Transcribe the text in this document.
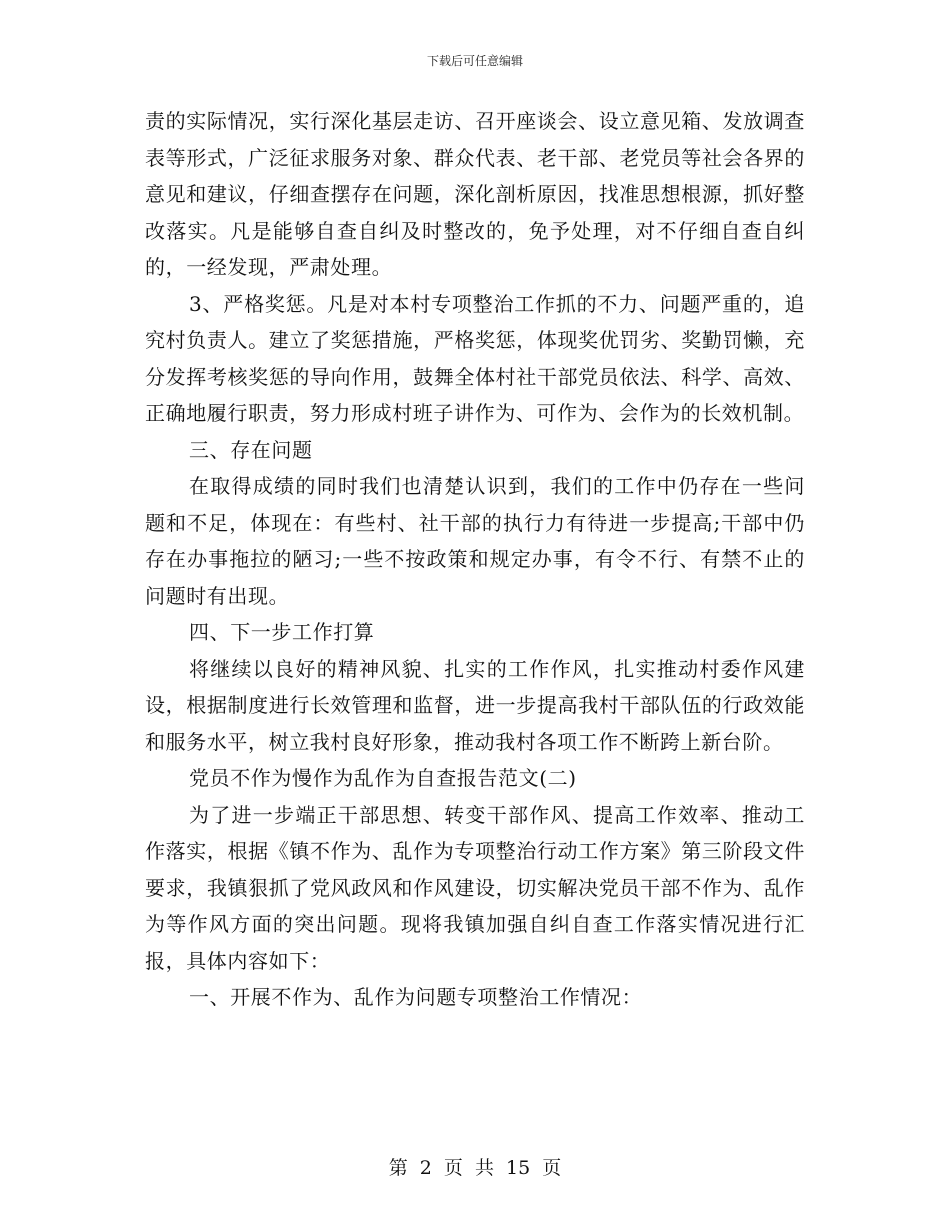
下载后可任意编辑

责的实际情况，实行深化基层走访、召开座谈会、设立意见箱、发放调查表等形式，广泛征求服务对象、群众代表、老干部、老党员等社会各界的意见和建议，仔细查摆存在问题，深化剖析原因，找准思想根源，抓好整改落实。凡是能够自查自纠及时整改的，免予处理，对不仔细自查自纠的，一经发现，严肃处理。

3、严格奖惩。凡是对本村专项整治工作抓的不力、问题严重的，追究村负责人。建立了奖惩措施，严格奖惩，体现奖优罚劣、奖勤罚懒，充分发挥考核奖惩的导向作用，鼓舞全体村社干部党员依法、科学、高效、正确地履行职责，努力形成村班子讲作为、可作为、会作为的长效机制。

三、存在问题

在取得成绩的同时我们也清楚认识到，我们的工作中仍存在一些问题和不足，体现在：有些村、社干部的执行力有待进一步提高;干部中仍存在办事拖拉的陋习;一些不按政策和规定办事，有令不行、有禁不止的问题时有出现。

四、下一步工作打算

将继续以良好的精神风貌、扎实的工作作风，扎实推动村委作风建设，根据制度进行长效管理和监督，进一步提高我村干部队伍的行政效能和服务水平，树立我村良好形象，推动我村各项工作不断跨上新台阶。

党员不作为慢作为乱作为自查报告范文(二)

为了进一步端正干部思想、转变干部作风、提高工作效率、推动工作落实，根据《镇不作为、乱作为专项整治行动工作方案》第三阶段文件要求，我镇狠抓了党风政风和作风建设，切实解决党员干部不作为、乱作为等作风方面的突出问题。现将我镇加强自纠自查工作落实情况进行汇报，具体内容如下：

一、开展不作为、乱作为问题专项整治工作情况：

第 2 页 共 15 页
